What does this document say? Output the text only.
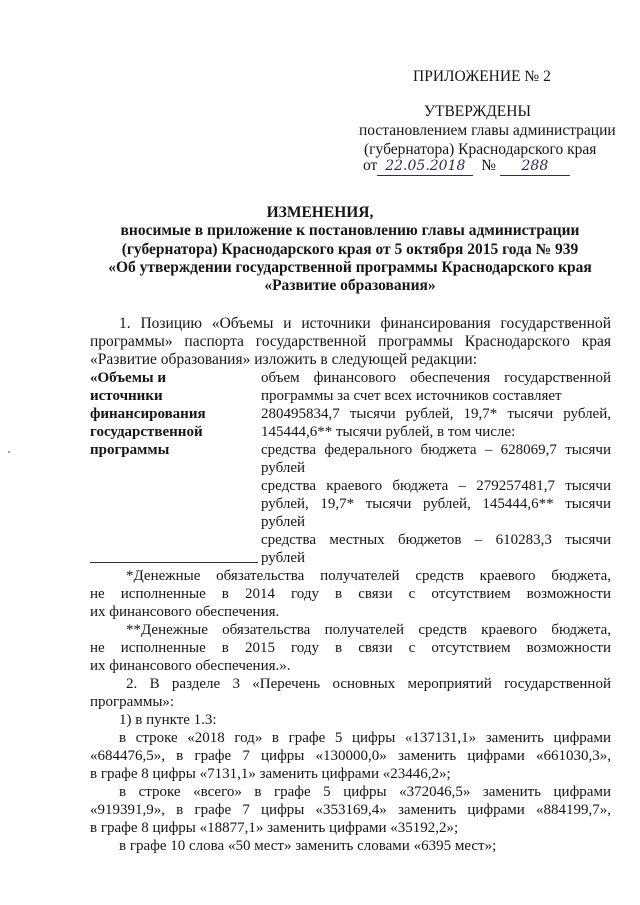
ПРИЛОЖЕНИЕ № 2
УТВЕРЖДЕНЫ
постановлением главы администрации
(губернатора) Краснодарского края
от 22.05.2018 № 288
ИЗМЕНЕНИЯ,
вносимые в приложение к постановлению главы администрации
(губернатора) Краснодарского края от 5 октября 2015 года № 939
«Об утверждении государственной программы Краснодарского края
«Развитие образования»
1. Позицию «Объемы и источники финансирования государственной
программы» паспорта государственной программы Краснодарского края
«Развитие образования» изложить в следующей редакции:
«Объемы и
источники
финансирования
государственной
программы
объем финансового обеспечения государственной
программы за счет всех источников составляет
280495834,7 тысячи рублей, 19,7* тысячи рублей,
145444,6** тысячи рублей, в том числе:
средства федерального бюджета – 628069,7 тысячи
рублей
средства краевого бюджета – 279257481,7 тысячи
рублей, 19,7* тысячи рублей, 145444,6** тысячи
рублей
средства местных бюджетов – 610283,3 тысячи
рублей
*Денежные обязательства получателей средств краевого бюджета,
не исполненные в 2014 году в связи с отсутствием возможности
их финансового обеспечения.
**Денежные обязательства получателей средств краевого бюджета,
не исполненные в 2015 году в связи с отсутствием возможности
их финансового обеспечения.».
2. В разделе 3 «Перечень основных мероприятий государственной
программы»:
1) в пункте 1.3:
в строке «2018 год» в графе 5 цифры «137131,1» заменить цифрами
«684476,5», в графе 7 цифры «130000,0» заменить цифрами «661030,3»,
в графе 8 цифры «7131,1» заменить цифрами «23446,2»;
в строке «всего» в графе 5 цифры «372046,5» заменить цифрами
«919391,9», в графе 7 цифры «353169,4» заменить цифрами «884199,7»,
в графе 8 цифры «18877,1» заменить цифрами «35192,2»;
в графе 10 слова «50 мест» заменить словами «6395 мест»;
